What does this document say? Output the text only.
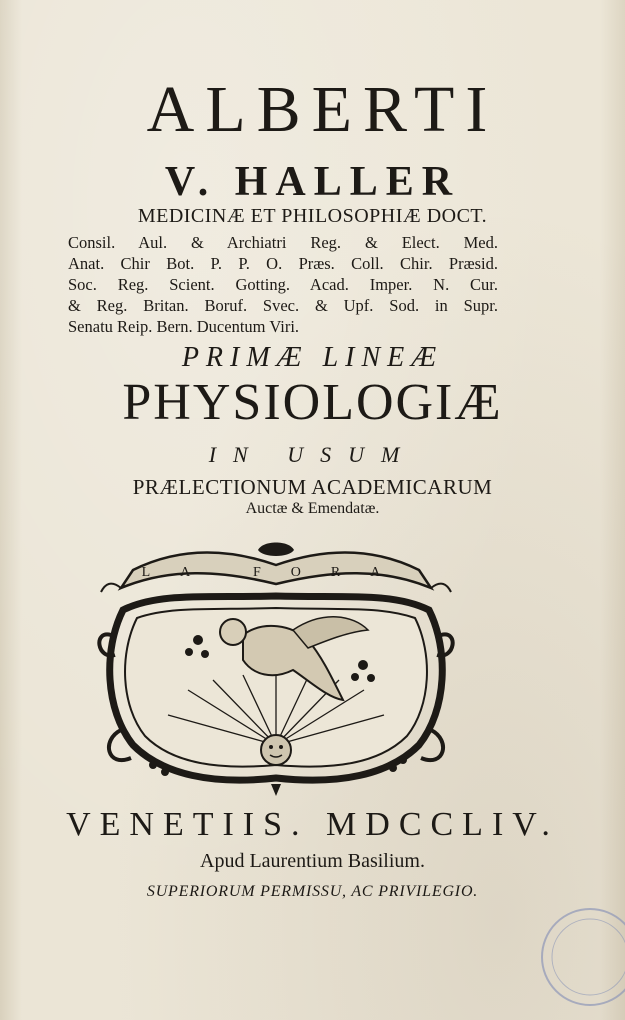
ALBERTI
V. HALLER
MEDICINÆ ET PHILOSOPHIÆ DOCT.
Consil. Aul. & Archiatri Reg. & Elect. Med.
Anat. Chir Bot. P. P. O. Præs. Coll. Chir. Præsid.
Soc. Reg. Scient. Gotting. Acad. Imper. N. Cur.
& Reg. Britan. Boruf. Svec. & Upf. Sod. in Supr.
Senatu Reip. Bern. Ducentum Viri.
PRIMÆ LINEÆ
PHYSIOLOGIÆ
IN USUM
PRÆLECTIONUM ACADEMICARUM
Auctæ & Emendatæ.
LA FORA
VENETIIS. MDCCLIV.
Apud Laurentium Basilium.
SUPERIORUM PERMISSU, AC PRIVILEGIO.
